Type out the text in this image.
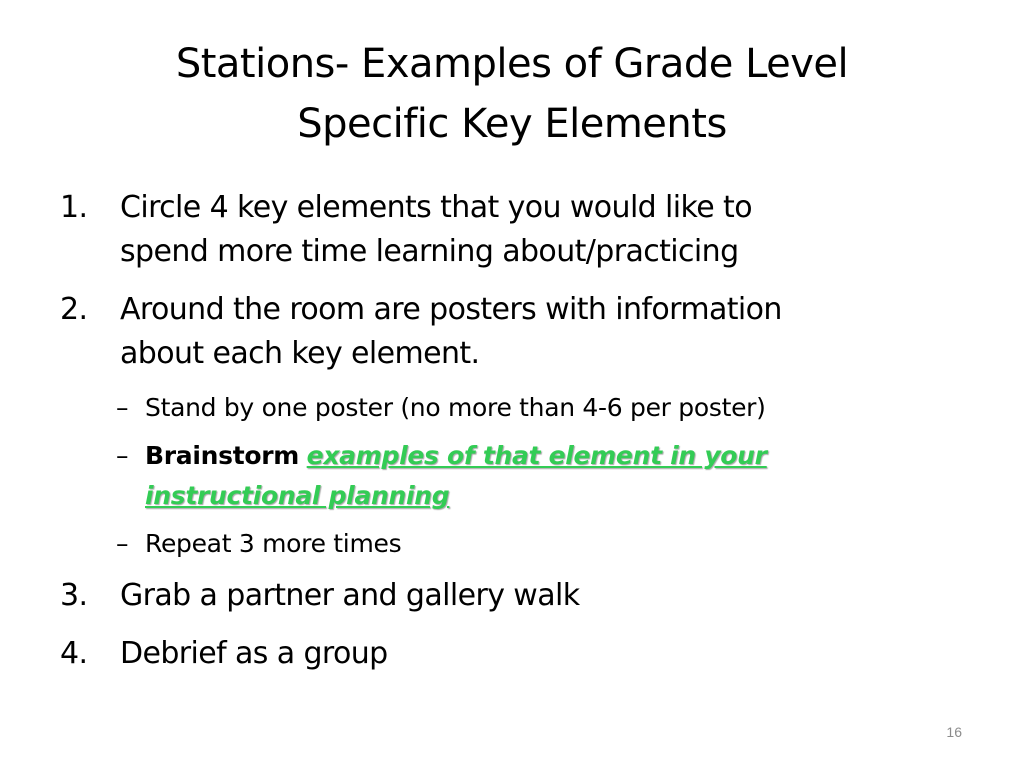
Stations- Examples of Grade Level
Specific Key Elements
1. Circle 4 key elements that you would like to
spend more time learning about/practicing
2. Around the room are posters with information
about each key element.
– Stand by one poster (no more than 4-6 per poster)
– Brainstorm examples of that element in your
instructional planning
– Repeat 3 more times
3. Grab a partner and gallery walk
4. Debrief as a group
16
